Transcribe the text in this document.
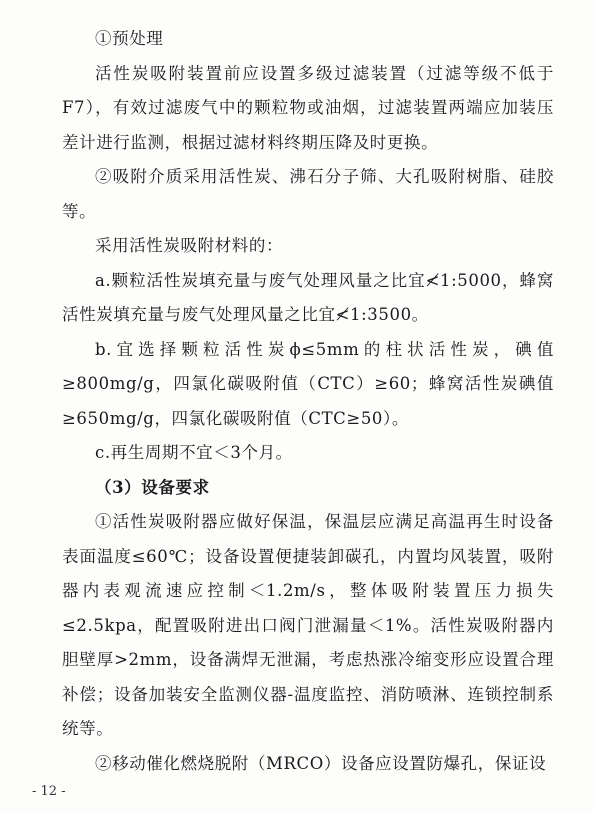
①预处理

活性炭吸附装置前应设置多级过滤装置（过滤等级不低于F7），有效过滤废气中的颗粒物或油烟，过滤装置两端应加装压差计进行监测，根据过滤材料终期压降及时更换。

②吸附介质采用活性炭、沸石分子筛、大孔吸附树脂、硅胶等。

采用活性炭吸附材料的：

a.颗粒活性炭填充量与废气处理风量之比宜≮1:5000，蜂窝活性炭填充量与废气处理风量之比宜≮1:3500。

b.宜选择颗粒活性炭ϕ≤5mm的柱状活性炭，碘值≥800mg/g，四氯化碳吸附值（CTC）≥60；蜂窝活性炭碘值≥650mg/g，四氯化碳吸附值（CTC≥50）。

c.再生周期不宜＜3个月。

（3）设备要求

①活性炭吸附器应做好保温，保温层应满足高温再生时设备表面温度≤60℃；设备设置便捷装卸碳孔，内置均风装置，吸附器内表观流速应控制＜1.2m/s，整体吸附装置压力损失≤2.5kpa，配置吸附进出口阀门泄漏量＜1%。活性炭吸附器内胆壁厚>2mm，设备满焊无泄漏，考虑热涨冷缩变形应设置合理补偿；设备加装安全监测仪器-温度监控、消防喷淋、连锁控制系统等。

②移动催化燃烧脱附（MRCO）设备应设置防爆孔，保证设

- 12 -
